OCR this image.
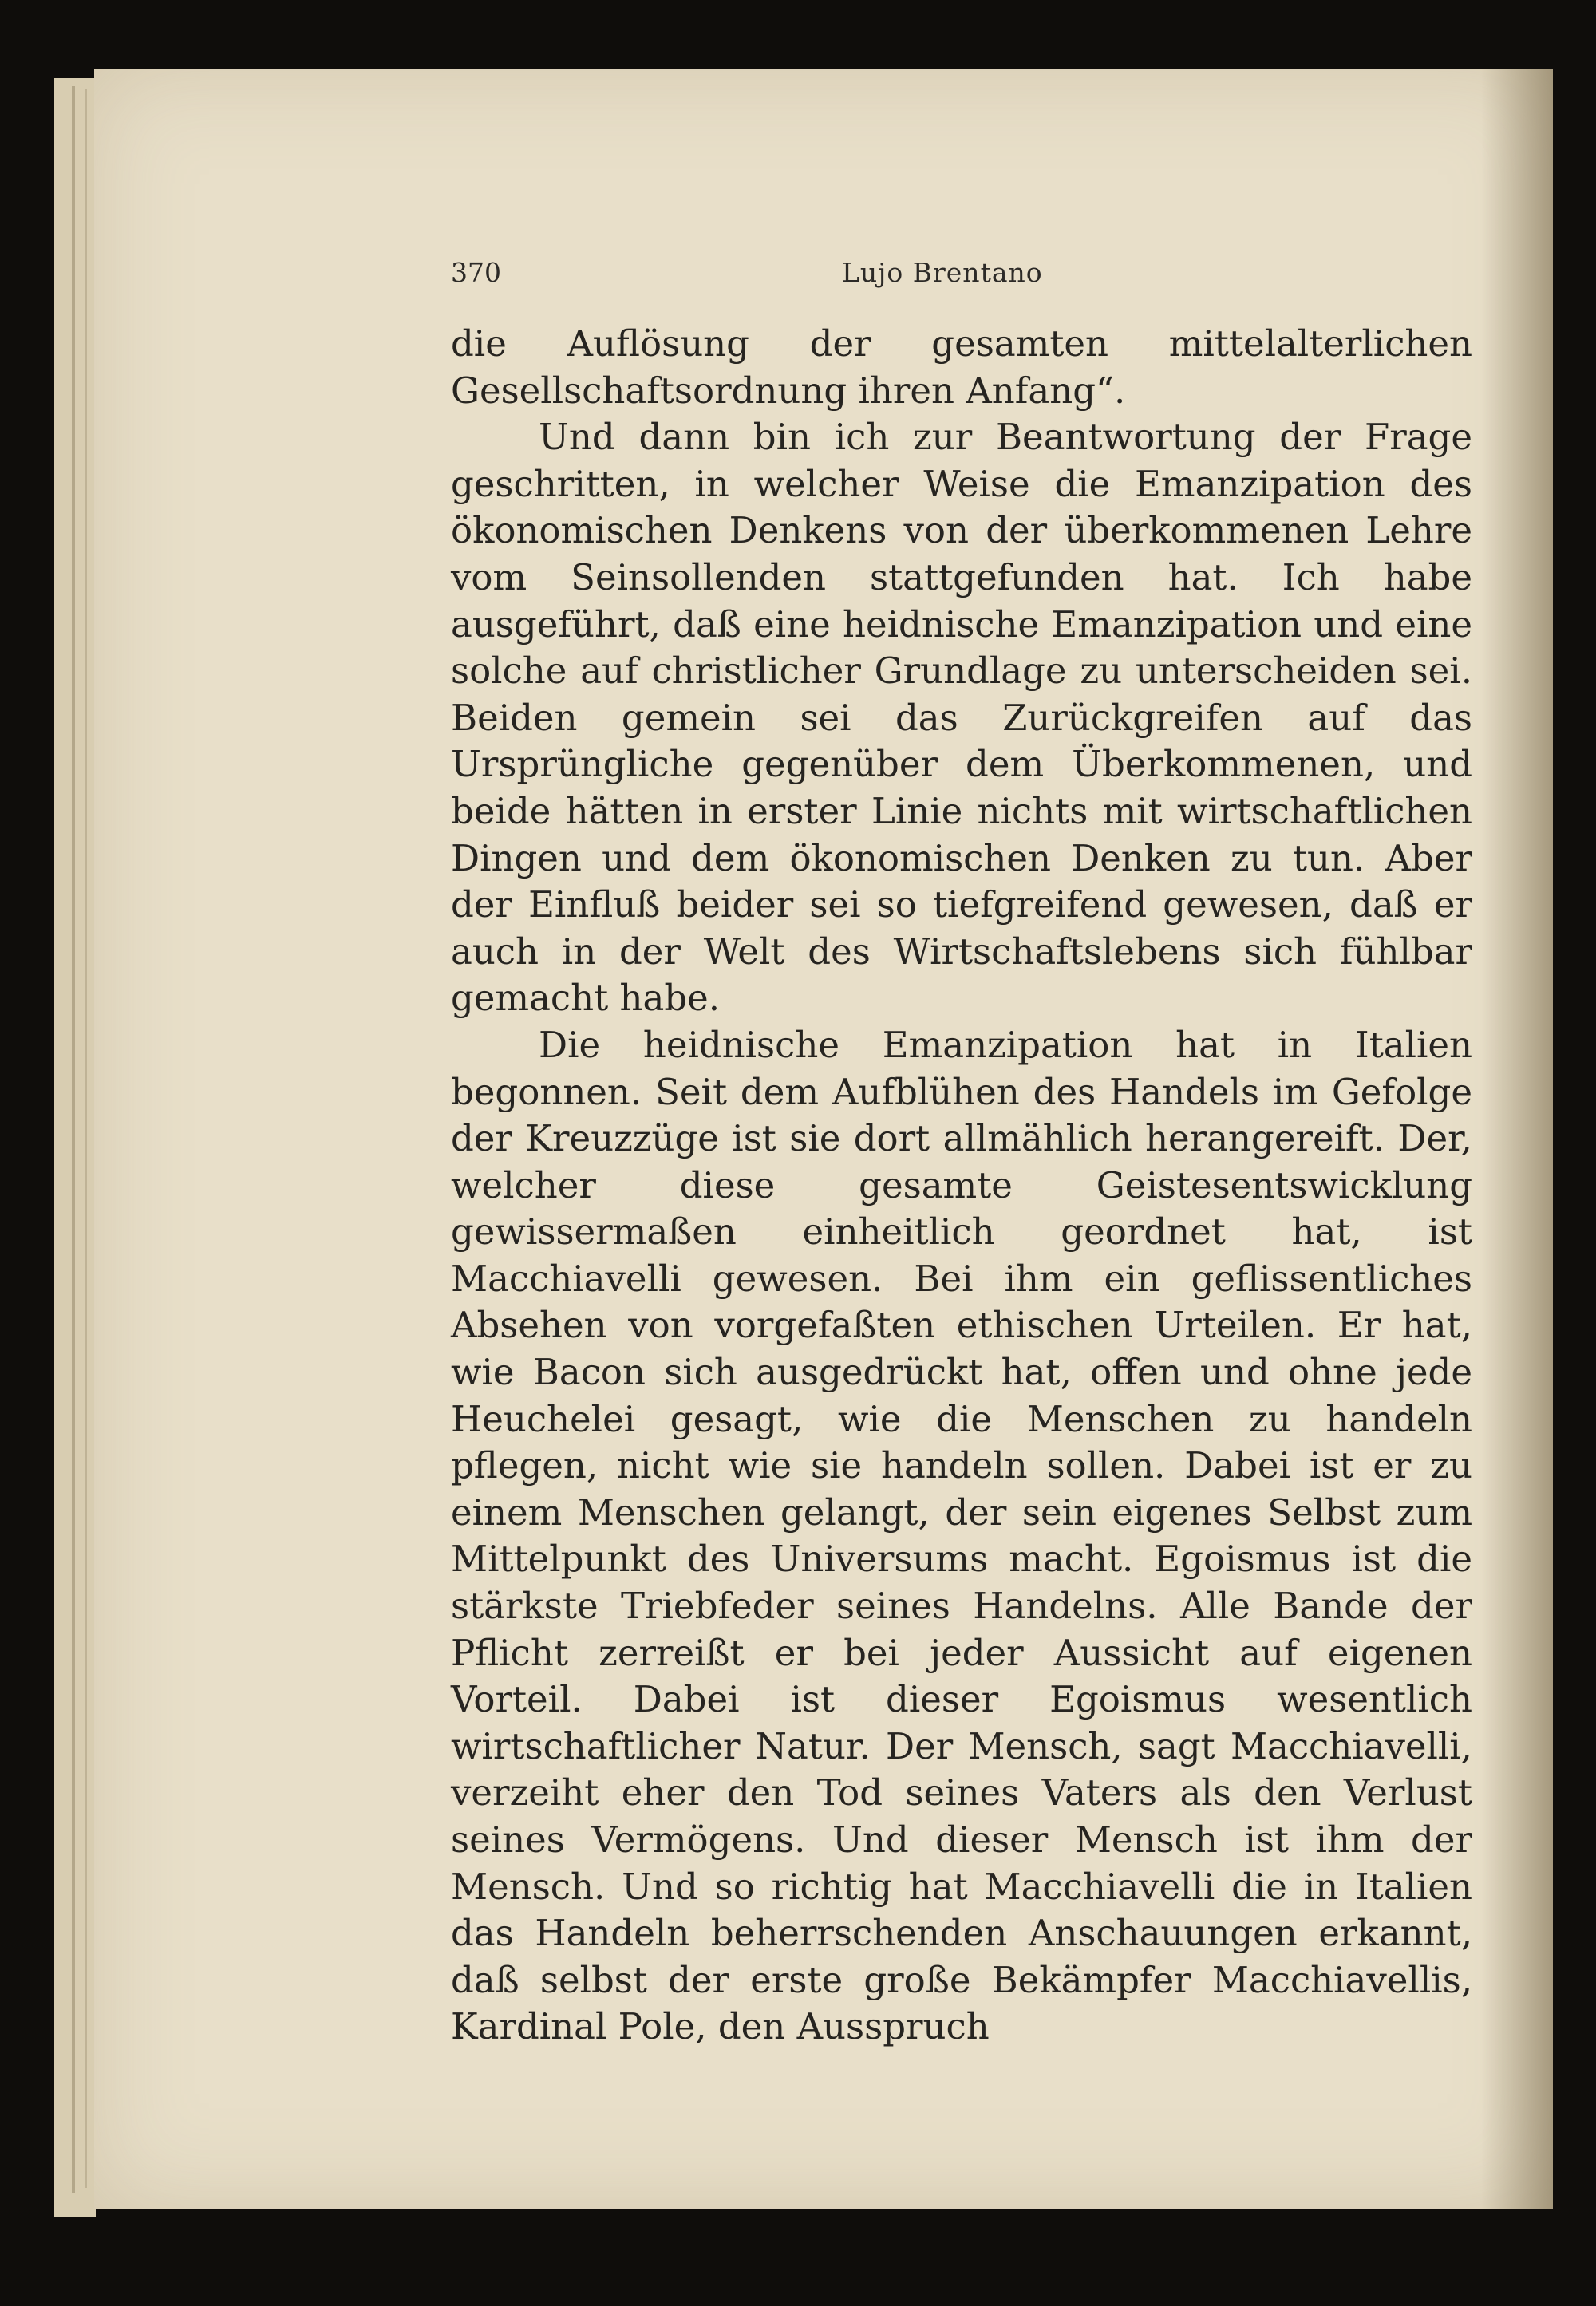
370	Lujo Brentano

die Auflösung der gesamten mittelalterlichen Gesellschaftsordnung ihren Anfang“.

Und dann bin ich zur Beantwortung der Frage geschritten, in welcher Weise die Emanzipation des ökonomischen Denkens von der überkommenen Lehre vom Seinsollenden stattgefunden hat. Ich habe ausgeführt, daß eine heidnische Emanzipation und eine solche auf christlicher Grundlage zu unterscheiden sei. Beiden gemein sei das Zurückgreifen auf das Ursprüngliche gegenüber dem Überkommenen, und beide hätten in erster Linie nichts mit wirtschaftlichen Dingen und dem ökonomischen Denken zu tun. Aber der Einfluß beider sei so tiefgreifend gewesen, daß er auch in der Welt des Wirtschaftslebens sich fühlbar gemacht habe.

Die heidnische Emanzipation hat in Italien begonnen. Seit dem Aufblühen des Handels im Gefolge der Kreuzzüge ist sie dort allmählich herangereift. Der, welcher diese gesamte Geistesentswicklung gewissermaßen einheitlich geordnet hat, ist Macchiavelli gewesen. Bei ihm ein geflissentliches Absehen von vorgefaßten ethischen Urteilen. Er hat, wie Bacon sich ausgedrückt hat, offen und ohne jede Heuchelei gesagt, wie die Menschen zu handeln pflegen, nicht wie sie handeln sollen. Dabei ist er zu einem Menschen gelangt, der sein eigenes Selbst zum Mittelpunkt des Universums macht. Egoismus ist die stärkste Triebfeder seines Handelns. Alle Bande der Pflicht zerreißt er bei jeder Aussicht auf eigenen Vorteil. Dabei ist dieser Egoismus wesentlich wirtschaftlicher Natur. Der Mensch, sagt Macchiavelli, verzeiht eher den Tod seines Vaters als den Verlust seines Vermögens. Und dieser Mensch ist ihm der Mensch. Und so richtig hat Macchiavelli die in Italien das Handeln beherrschenden Anschauungen erkannt, daß selbst der erste große Bekämpfer Macchiavellis, Kardinal Pole, den Ausspruch
